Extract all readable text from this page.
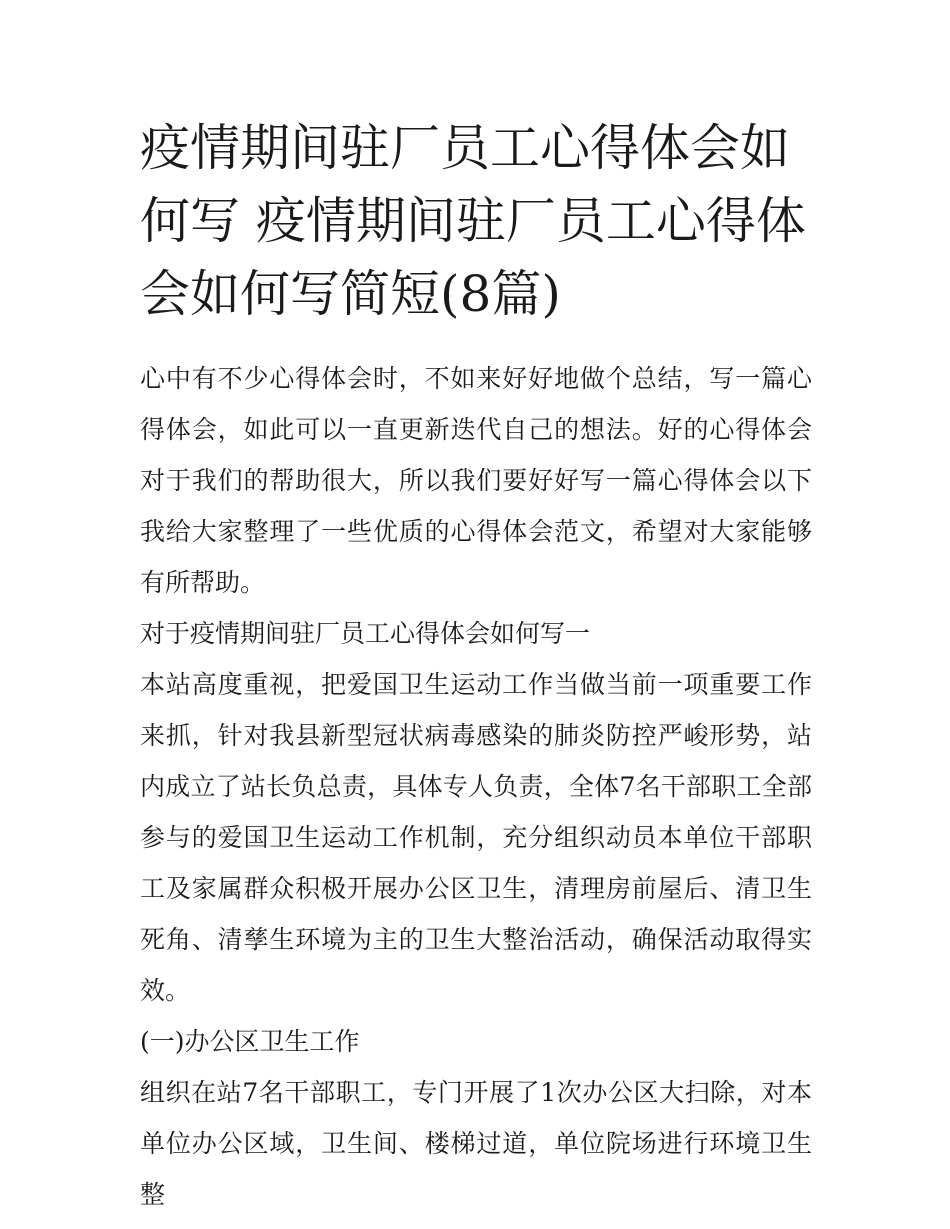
疫情期间驻厂员工心得体会如何写 疫情期间驻厂员工心得体会如何写简短(8篇)

心中有不少心得体会时，不如来好好地做个总结，写一篇心得体会，如此可以一直更新迭代自己的想法。好的心得体会对于我们的帮助很大，所以我们要好好写一篇心得体会以下我给大家整理了一些优质的心得体会范文，希望对大家能够有所帮助。

对于疫情期间驻厂员工心得体会如何写一

本站高度重视，把爱国卫生运动工作当做当前一项重要工作来抓，针对我县新型冠状病毒感染的肺炎防控严峻形势，站内成立了站长负总责，具体专人负责，全体7名干部职工全部参与的爱国卫生运动工作机制，充分组织动员本单位干部职工及家属群众积极开展办公区卫生，清理房前屋后、清卫生死角、清孳生环境为主的卫生大整治活动，确保活动取得实效。

(一)办公区卫生工作

组织在站7名干部职工，专门开展了1次办公区大扫除，对本单位办公区域，卫生间、楼梯过道，单位院场进行环境卫生整
